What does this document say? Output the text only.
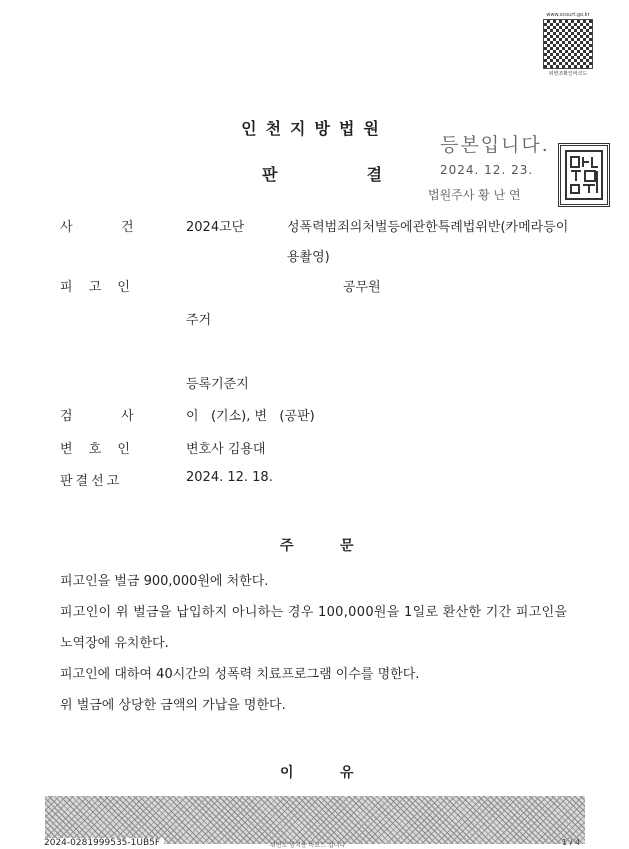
www.scourt.go.kr
위변조확인바코드
인천지방법원
판	결
등본입니다.
2024. 12. 23.
법원주사 황 난 연
사	건	2024고단	성폭력범죄의처벌등에관한특례법위반(카메라등이
용촬영)
피 고 인	공무원
주거
등록기준지
검	사	이   (기소), 변   (공판)
변 호 인	변호사 김용대
판결선고	2024. 12. 18.
주	문
피고인을 벌금 900,000원에 처한다.
피고인이 위 벌금을 납입하지 아니하는 경우 100,000원을 1일로 환산한 기간 피고인을
노역장에 유치한다.
피고인에 대하여 40시간의 성폭력 치료프로그램 이수를 명한다.
위 벌금에 상당한 금액의 가납을 명한다.
이	유
2024-0281999535-1UB5F	위변조 방지용 바코드 입니다	1 / 4
